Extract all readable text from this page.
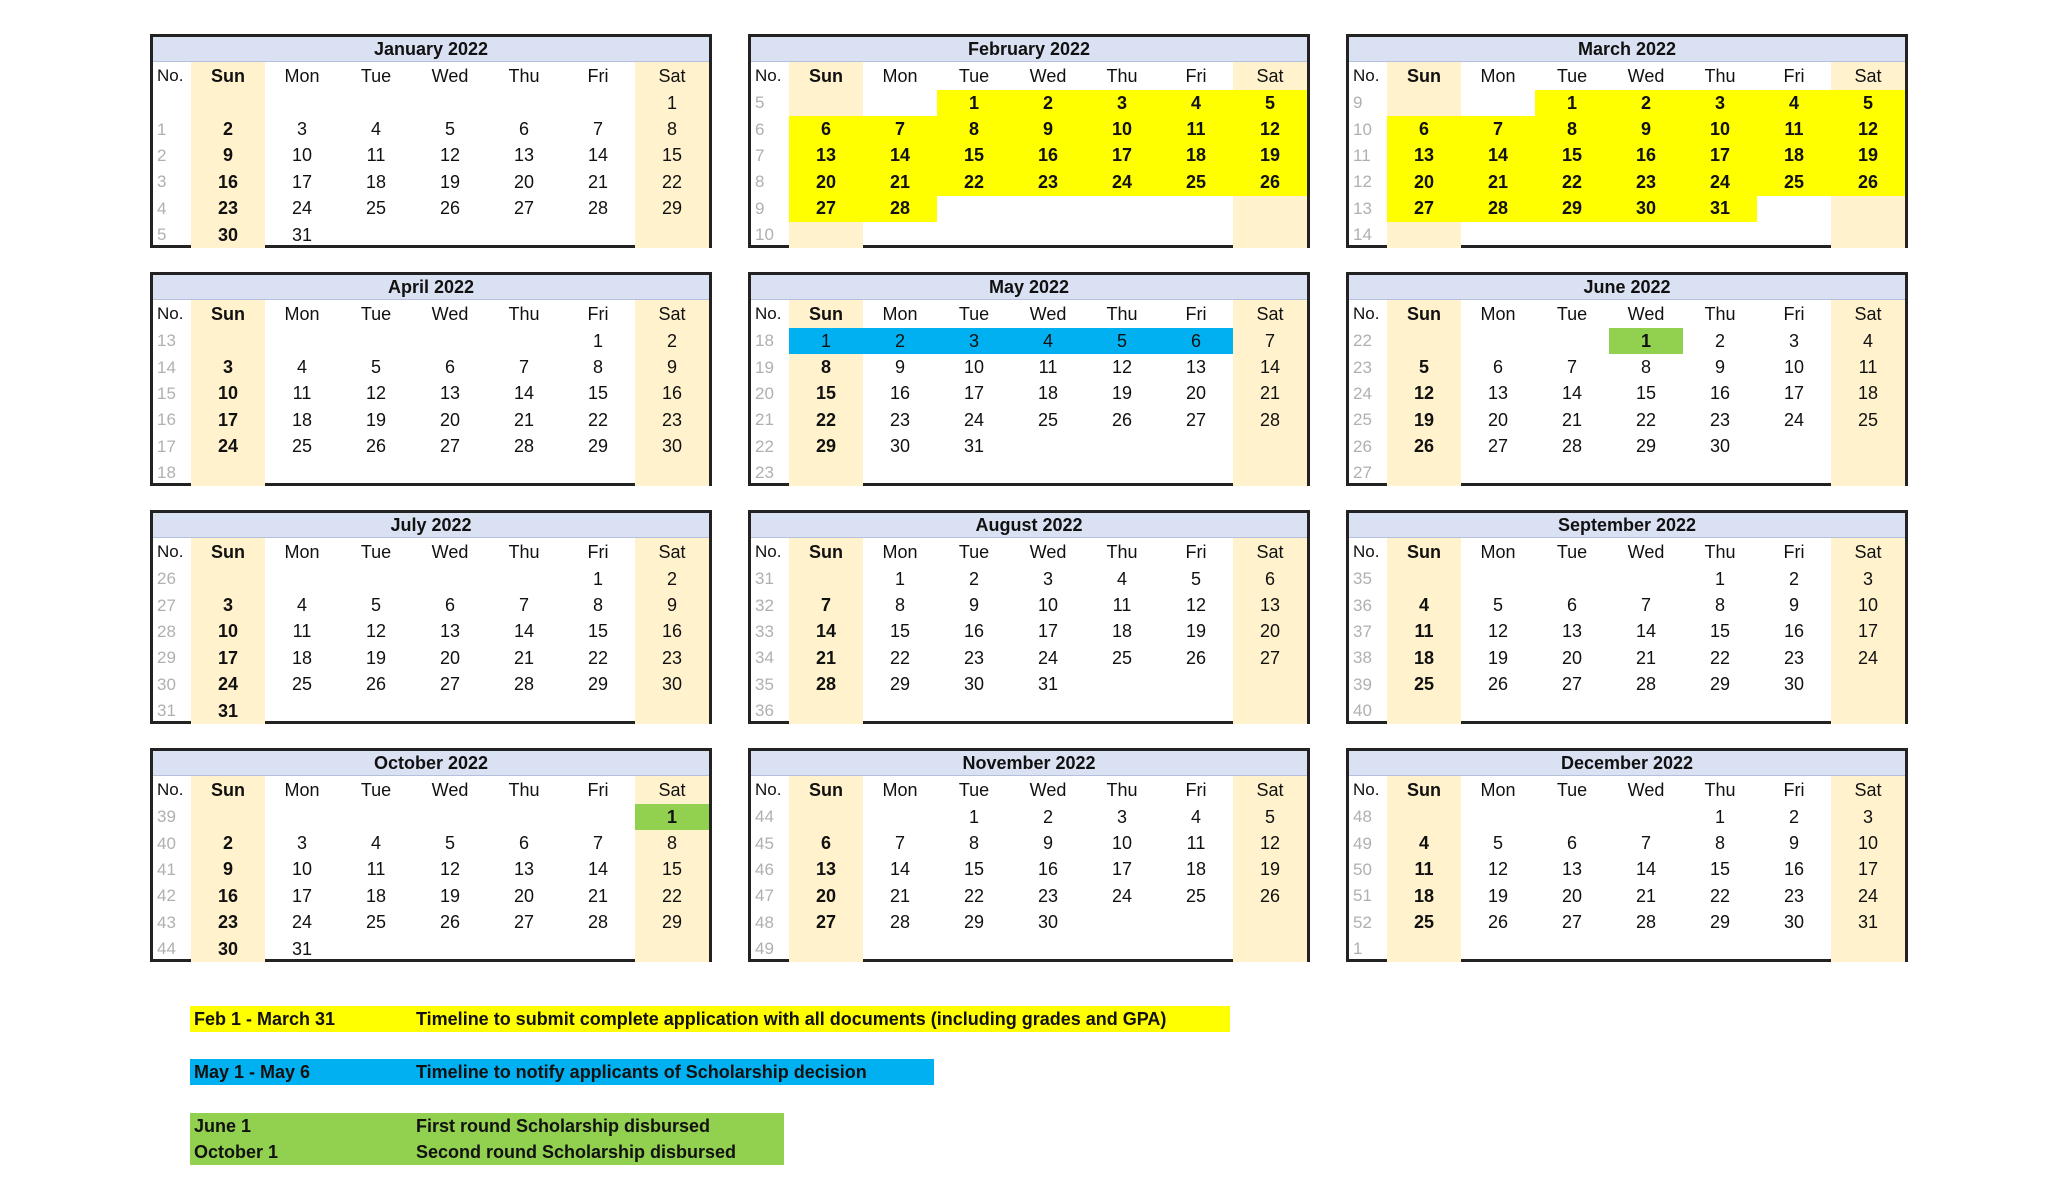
January 2022
No.	Sun	Mon	Tue	Wed	Thu	Fri	Sat
							1
1	2	3	4	5	6	7	8
2	9	10	11	12	13	14	15
3	16	17	18	19	20	21	22
4	23	24	25	26	27	28	29
5	30	31					
February 2022
No.	Sun	Mon	Tue	Wed	Thu	Fri	Sat
5			1	2	3	4	5
6	6	7	8	9	10	11	12
7	13	14	15	16	17	18	19
8	20	21	22	23	24	25	26
9	27	28					
10							
March 2022
No.	Sun	Mon	Tue	Wed	Thu	Fri	Sat
9			1	2	3	4	5
10	6	7	8	9	10	11	12
11	13	14	15	16	17	18	19
12	20	21	22	23	24	25	26
13	27	28	29	30	31		
14							
April 2022
No.	Sun	Mon	Tue	Wed	Thu	Fri	Sat
13						1	2
14	3	4	5	6	7	8	9
15	10	11	12	13	14	15	16
16	17	18	19	20	21	22	23
17	24	25	26	27	28	29	30
18							
May 2022
No.	Sun	Mon	Tue	Wed	Thu	Fri	Sat
18	1	2	3	4	5	6	7
19	8	9	10	11	12	13	14
20	15	16	17	18	19	20	21
21	22	23	24	25	26	27	28
22	29	30	31				
23							
June 2022
No.	Sun	Mon	Tue	Wed	Thu	Fri	Sat
22				1	2	3	4
23	5	6	7	8	9	10	11
24	12	13	14	15	16	17	18
25	19	20	21	22	23	24	25
26	26	27	28	29	30		
27							
July 2022
No.	Sun	Mon	Tue	Wed	Thu	Fri	Sat
26						1	2
27	3	4	5	6	7	8	9
28	10	11	12	13	14	15	16
29	17	18	19	20	21	22	23
30	24	25	26	27	28	29	30
31	31						
August 2022
No.	Sun	Mon	Tue	Wed	Thu	Fri	Sat
31		1	2	3	4	5	6
32	7	8	9	10	11	12	13
33	14	15	16	17	18	19	20
34	21	22	23	24	25	26	27
35	28	29	30	31			
36							
September 2022
No.	Sun	Mon	Tue	Wed	Thu	Fri	Sat
35					1	2	3
36	4	5	6	7	8	9	10
37	11	12	13	14	15	16	17
38	18	19	20	21	22	23	24
39	25	26	27	28	29	30	
40							
October 2022
No.	Sun	Mon	Tue	Wed	Thu	Fri	Sat
39							1
40	2	3	4	5	6	7	8
41	9	10	11	12	13	14	15
42	16	17	18	19	20	21	22
43	23	24	25	26	27	28	29
44	30	31					
November 2022
No.	Sun	Mon	Tue	Wed	Thu	Fri	Sat
44			1	2	3	4	5
45	6	7	8	9	10	11	12
46	13	14	15	16	17	18	19
47	20	21	22	23	24	25	26
48	27	28	29	30			
49							
December 2022
No.	Sun	Mon	Tue	Wed	Thu	Fri	Sat
48					1	2	3
49	4	5	6	7	8	9	10
50	11	12	13	14	15	16	17
51	18	19	20	21	22	23	24
52	25	26	27	28	29	30	31
1							
Feb 1 - March 31	Timeline to submit complete application with all documents (including grades and GPA)
May 1 - May 6	Timeline to notify applicants of Scholarship decision
June 1	First round Scholarship disbursed
October 1	Second round Scholarship disbursed
